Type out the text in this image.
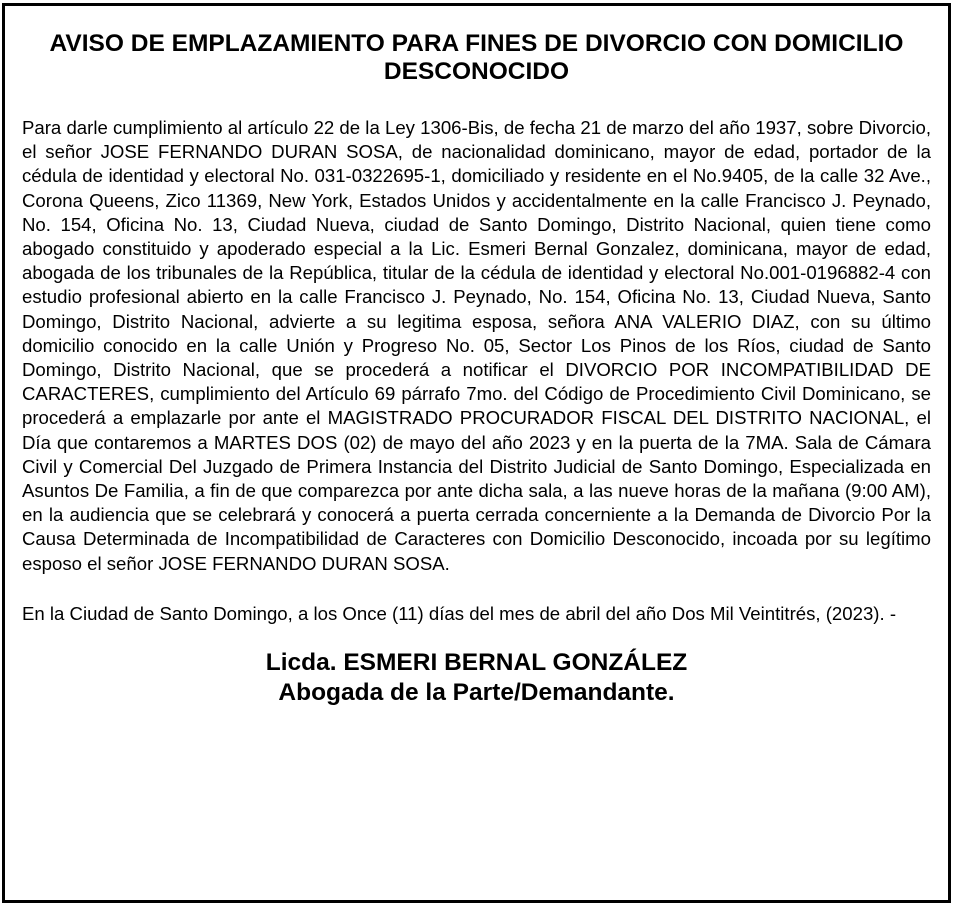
AVISO DE EMPLAZAMIENTO PARA FINES DE DIVORCIO CON DOMICILIO DESCONOCIDO

Para darle cumplimiento al artículo 22 de la Ley 1306-Bis, de fecha 21 de marzo del año 1937, sobre Divorcio, el señor JOSE FERNANDO DURAN SOSA, de nacionalidad dominicano, mayor de edad, portador de la cédula de identidad y electoral No. 031-0322695-1, domiciliado y residente en el No.9405, de la calle 32 Ave., Corona Queens, Zico 11369, New York, Estados Unidos y accidentalmente en la calle Francisco J. Peynado, No. 154, Oficina No. 13, Ciudad Nueva, ciudad de Santo Domingo, Distrito Nacional, quien tiene como abogado constituido y apoderado especial a la Lic. Esmeri Bernal Gonzalez, dominicana, mayor de edad, abogada de los tribunales de la República, titular de la cédula de identidad y electoral No.001-0196882-4 con estudio profesional abierto en la calle Francisco J. Peynado, No. 154, Oficina No. 13, Ciudad Nueva, Santo Domingo, Distrito Nacional, advierte a su legitima esposa, señora ANA VALERIO DIAZ, con su último domicilio conocido en la calle Unión y Progreso No. 05, Sector Los Pinos de los Ríos, ciudad de Santo Domingo, Distrito Nacional, que se procederá a notificar el DIVORCIO POR INCOMPATIBILIDAD DE CARACTERES, cumplimiento del Artículo 69 párrafo 7mo. del Código de Procedimiento Civil Dominicano, se procederá a emplazarle por ante el MAGISTRADO PROCURADOR FISCAL DEL DISTRITO NACIONAL, el Día que contaremos a MARTES DOS (02) de mayo del año 2023 y en la puerta de la 7MA. Sala de Cámara Civil y Comercial Del Juzgado de Primera Instancia del Distrito Judicial de Santo Domingo, Especializada en Asuntos De Familia, a fin de que comparezca por ante dicha sala, a las nueve horas de la mañana (9:00 AM), en la audiencia que se celebrará y conocerá a puerta cerrada concerniente a la Demanda de Divorcio Por la Causa Determinada de Incompatibilidad de Caracteres con Domicilio Desconocido, incoada por su legítimo esposo el señor JOSE FERNANDO DURAN SOSA.

En la Ciudad de Santo Domingo, a los Once (11) días del mes de abril del año Dos Mil Veintitrés, (2023). -

Licda. ESMERI BERNAL GONZÁLEZ
Abogada de la Parte/Demandante.
